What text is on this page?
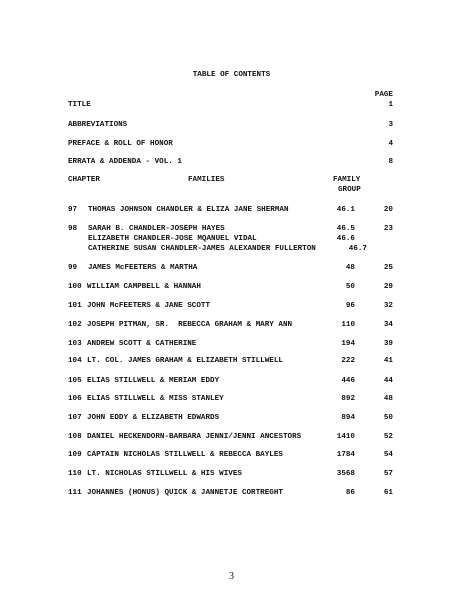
TABLE OF CONTENTS
PAGE
TITLE	1
ABBREVIATIONS	3
PREFACE & ROLL OF HONOR	4
ERRATA & ADDENDA - VOL. 1	8
CHAPTER	FAMILIES	FAMILY
GROUP
97 THOMAS JOHNSON CHANDLER & ELIZA JANE SHERMAN	46.1	20
98 SARAH B. CHANDLER-JOSEPH HAYES	46.5	23
ELIZABETH CHANDLER-JOSE MQANUEL VIDAL	46.6
CATHERINE SUSAN CHANDLER-JAMES ALEXANDER FULLERTON	46.7
99 JAMES McFEETERS & MARTHA	48	25
100 WILLIAM CAMPBELL & HANNAH	50	29
101 JOHN McFEETERS & JANE SCOTT	96	32
102 JOSEPH PITMAN, SR.  REBECCA GRAHAM & MARY ANN	110	34
103 ANDREW SCOTT & CATHERINE	194	39
104 LT. COL. JAMES GRAHAM & ELIZABETH STILLWELL	222	41
105 ELIAS STILLWELL & MERIAM EDDY	446	44
106 ELIAS STILLWELL & MISS STANLEY	892	48
107 JOHN EDDY & ELIZABETH EDWARDS	894	50
108 DANIEL HECKENDORN-BARBARA JENNI/JENNI ANCESTORS	1410	52
109 CAPTAIN NICHOLAS STILLWELL & REBECCA BAYLES	1784	54
110 LT. NICHOLAS STILLWELL & HIS WIVES	3568	57
111 JOHANNES (HONUS) QUICK & JANNETJE CORTREGHT	86	61
3
